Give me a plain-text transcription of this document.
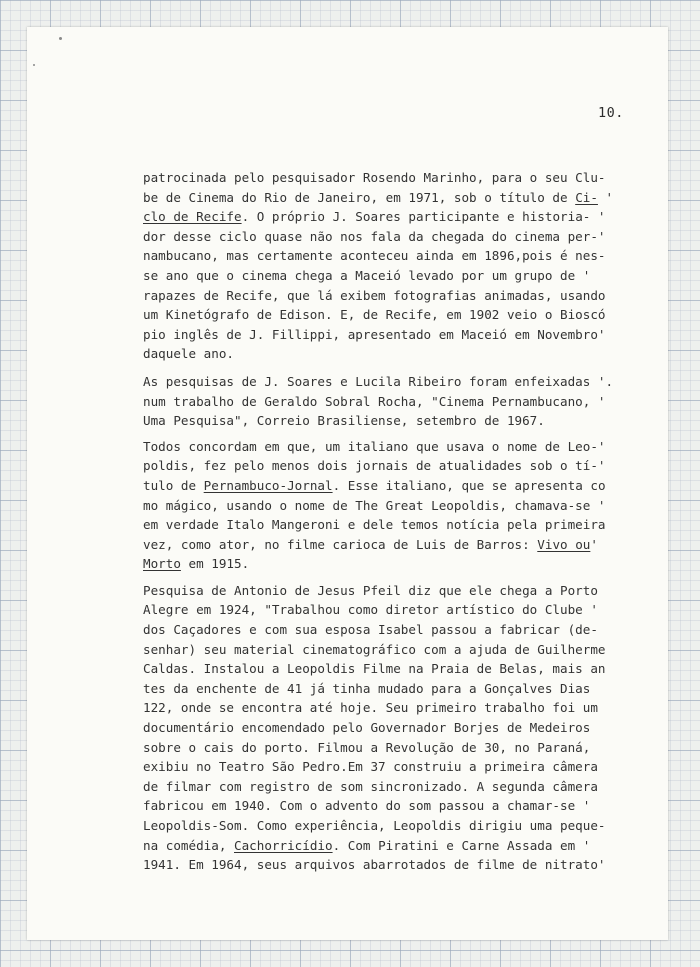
10.
patrocinada pelo pesquisador Rosendo Marinho, para o seu Clu-
be de Cinema do Rio de Janeiro, em 1971, sob o título de Ci- '
clo de Recife. O próprio J. Soares participante e historia- '
dor desse ciclo quase não nos fala da chegada do cinema per-'
nambucano, mas certamente aconteceu ainda em 1896,pois é nes-
se ano que o cinema chega a Maceió levado por um grupo de '
rapazes de Recife, que lá exibem fotografias animadas, usando
um Kinetógrafo de Edison. E, de Recife, em 1902 veio o Bioscó
pio inglês de J. Fillippi, apresentado em Maceió em Novembro'
daquele ano.
As pesquisas de J. Soares e Lucila Ribeiro foram enfeixadas '.
num trabalho de Geraldo Sobral Rocha, "Cinema Pernambucano, '
Uma Pesquisa", Correio Brasiliense, setembro de 1967.
Todos concordam em que, um italiano que usava o nome de Leo-'
poldis, fez pelo menos dois jornais de atualidades sob o tí-'
tulo de Pernambuco-Jornal. Esse italiano, que se apresenta co
mo mágico, usando o nome de The Great Leopoldis, chamava-se '
em verdade Italo Mangeroni e dele temos notícia pela primeira
vez, como ator, no filme carioca de Luis de Barros: Vivo ou'
Morto em 1915.
Pesquisa de Antonio de Jesus Pfeil diz que ele chega a Porto
Alegre em 1924, "Trabalhou como diretor artístico do Clube '
dos Caçadores e com sua esposa Isabel passou a fabricar (de-
senhar) seu material cinematográfico com a ajuda de Guilherme
Caldas. Instalou a Leopoldis Filme na Praia de Belas, mais an
tes da enchente de 41 já tinha mudado para a Gonçalves Dias
122, onde se encontra até hoje. Seu primeiro trabalho foi um
documentário encomendado pelo Governador Borjes de Medeiros
sobre o cais do porto. Filmou a Revolução de 30, no Paraná,
exibiu no Teatro São Pedro.Em 37 construiu a primeira câmera
de filmar com registro de som sincronizado. A segunda câmera
fabricou em 1940. Com o advento do som passou a chamar-se '
Leopoldis-Som. Como experiência, Leopoldis dirigiu uma peque-
na comédia, Cachorricídio. Com Piratini e Carne Assada em '
1941. Em 1964, seus arquivos abarrotados de filme de nitrato'
